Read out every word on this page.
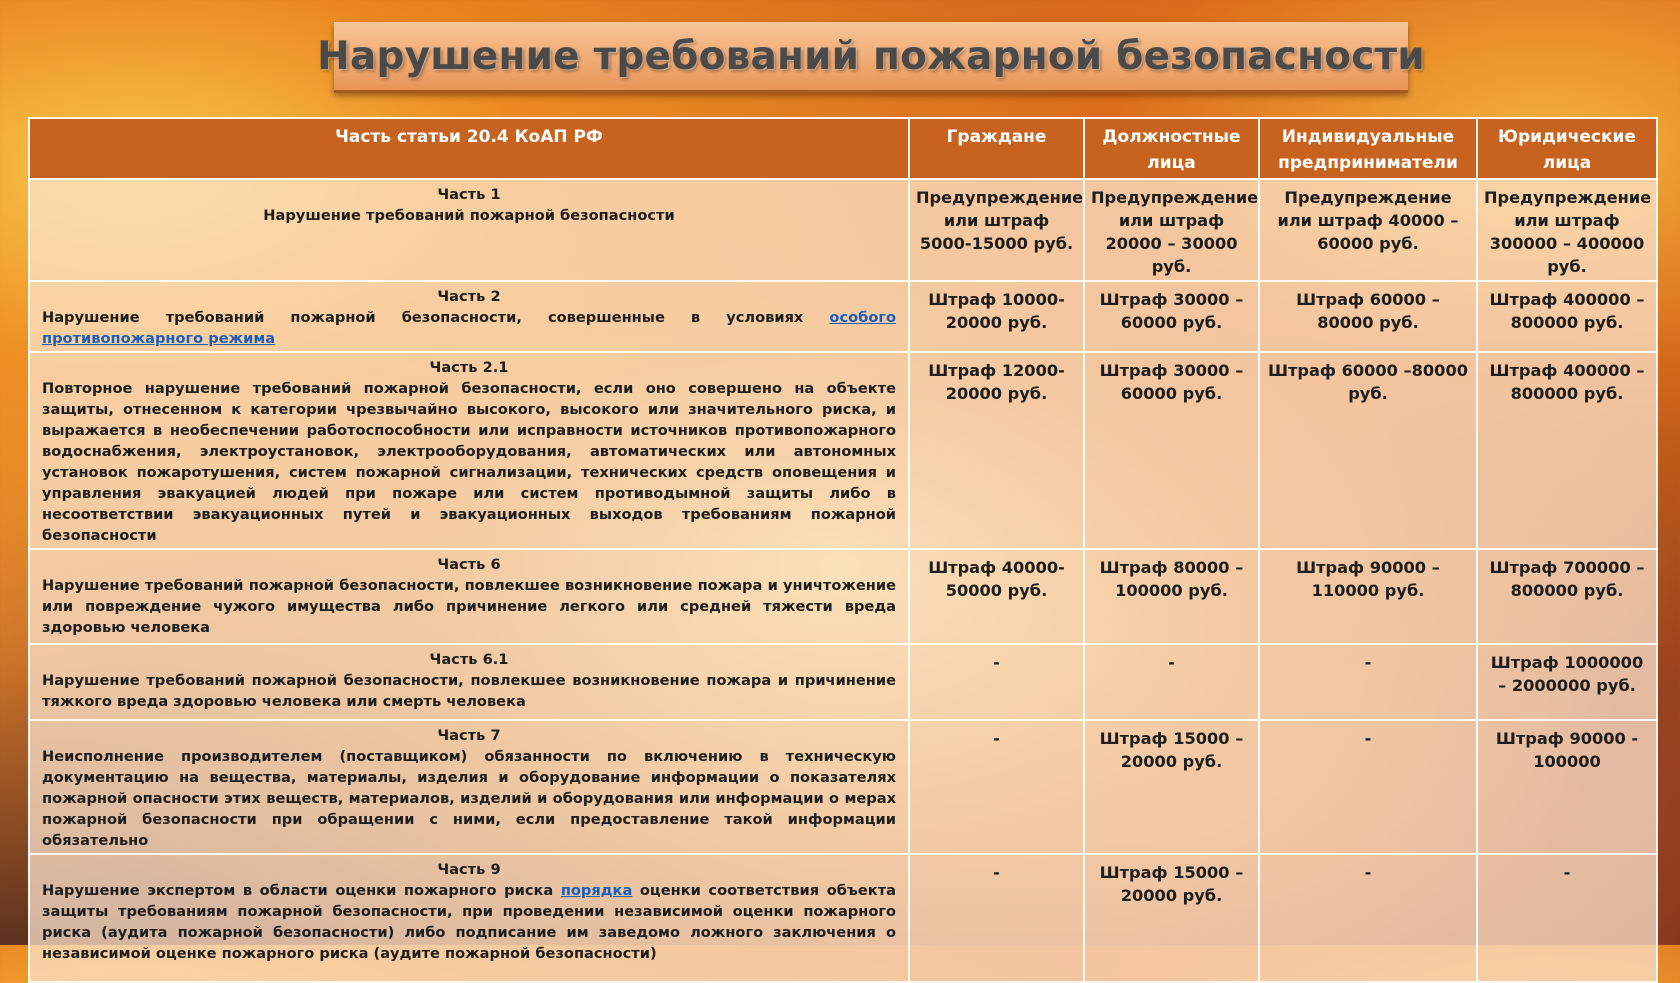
Нарушение требований пожарной безопасности
Часть статьи 20.4 КоАП РФ	Граждане	Должностные лица	Индивидуальные предприниматели	Юридические лица

Часть 1
Нарушение требований пожарной безопасности	Предупреждение или штраф 5000-15000 руб.	Предупреждение или штраф 20000 – 30000 руб.	Предупреждение или штраф 40000 – 60000 руб.	Предупреждение или штраф 300000 – 400000 руб.

Часть 2
Нарушение требований пожарной безопасности, совершенные в условиях особого противопожарного режима	Штраф 10000-20000 руб.	Штраф 30000 – 60000 руб.	Штраф 60000 – 80000 руб.	Штраф 400000 – 800000 руб.

Часть 2.1
Повторное нарушение требований пожарной безопасности, если оно совершено на объекте защиты, отнесенном к категории чрезвычайно высокого, высокого или значительного риска, и выражается в необеспечении работоспособности или исправности источников противопожарного водоснабжения, электроустановок, электрооборудования, автоматических или автономных установок пожаротушения, систем пожарной сигнализации, технических средств оповещения и управления эвакуацией людей при пожаре или систем противодымной защиты либо в несоответствии эвакуационных путей и эвакуационных выходов требованиям пожарной безопасности	Штраф 12000-20000 руб.	Штраф 30000 – 60000 руб.	Штраф 60000 –80000 руб.	Штраф 400000 – 800000 руб.

Часть 6
Нарушение требований пожарной безопасности, повлекшее возникновение пожара и уничтожение или повреждение чужого имущества либо причинение легкого или средней тяжести вреда здоровью человека	Штраф 40000-50000 руб.	Штраф 80000 – 100000 руб.	Штраф 90000 – 110000 руб.	Штраф 700000 – 800000 руб.

Часть 6.1
Нарушение требований пожарной безопасности, повлекшее возникновение пожара и причинение тяжкого вреда здоровью человека или смерть человека	-	-	-	Штраф 1000000 – 2000000 руб.

Часть 7
Неисполнение производителем (поставщиком) обязанности по включению в техническую документацию на вещества, материалы, изделия и оборудование информации о показателях пожарной опасности этих веществ, материалов, изделий и оборудования или информации о мерах пожарной безопасности при обращении с ними, если предоставление такой информации обязательно	-	Штраф 15000 – 20000 руб.	-	Штраф 90000 - 100000

Часть 9
Нарушение экспертом в области оценки пожарного риска порядка оценки соответствия объекта защиты требованиям пожарной безопасности, при проведении независимой оценки пожарного риска (аудита пожарной безопасности) либо подписание им заведомо ложного заключения о независимой оценке пожарного риска (аудите пожарной безопасности)	-	Штраф 15000 – 20000 руб.	-	-
